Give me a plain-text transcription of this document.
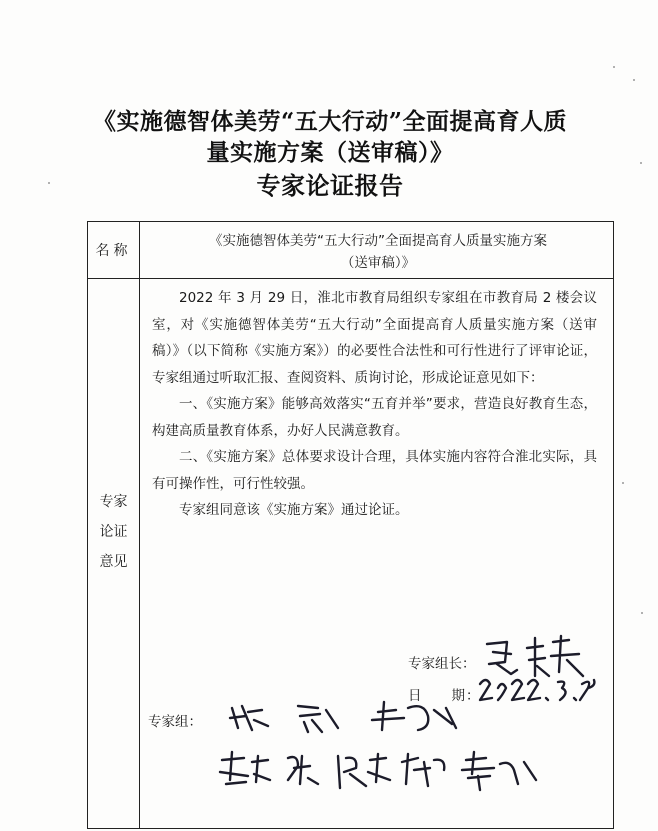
《实施德智体美劳“五大行动”全面提高育人质
量实施方案（送审稿）》
专家论证报告
名称
《实施德智体美劳“五大行动”全面提高育人质量实施方案
（送审稿）》
专家
论证
意见

2022 年 3 月 29 日，淮北市教育局组织专家组在市教育局 2 楼会议室，对《实施德智体美劳“五大行动”全面提高育人质量实施方案（送审稿）》（以下简称《实施方案》）的必要性合法性和可行性进行了评审论证，专家组通过听取汇报、查阅资料、质询讨论，形成论证意见如下：

一、《实施方案》能够高效落实“五育并举”要求，营造良好教育生态，构建高质量教育体系，办好人民满意教育。

二、《实施方案》总体要求设计合理，具体实施内容符合淮北实际，具有可操作性，可行性较强。

专家组同意该《实施方案》通过论证。

专家组长：
日　　期：
专家组：
